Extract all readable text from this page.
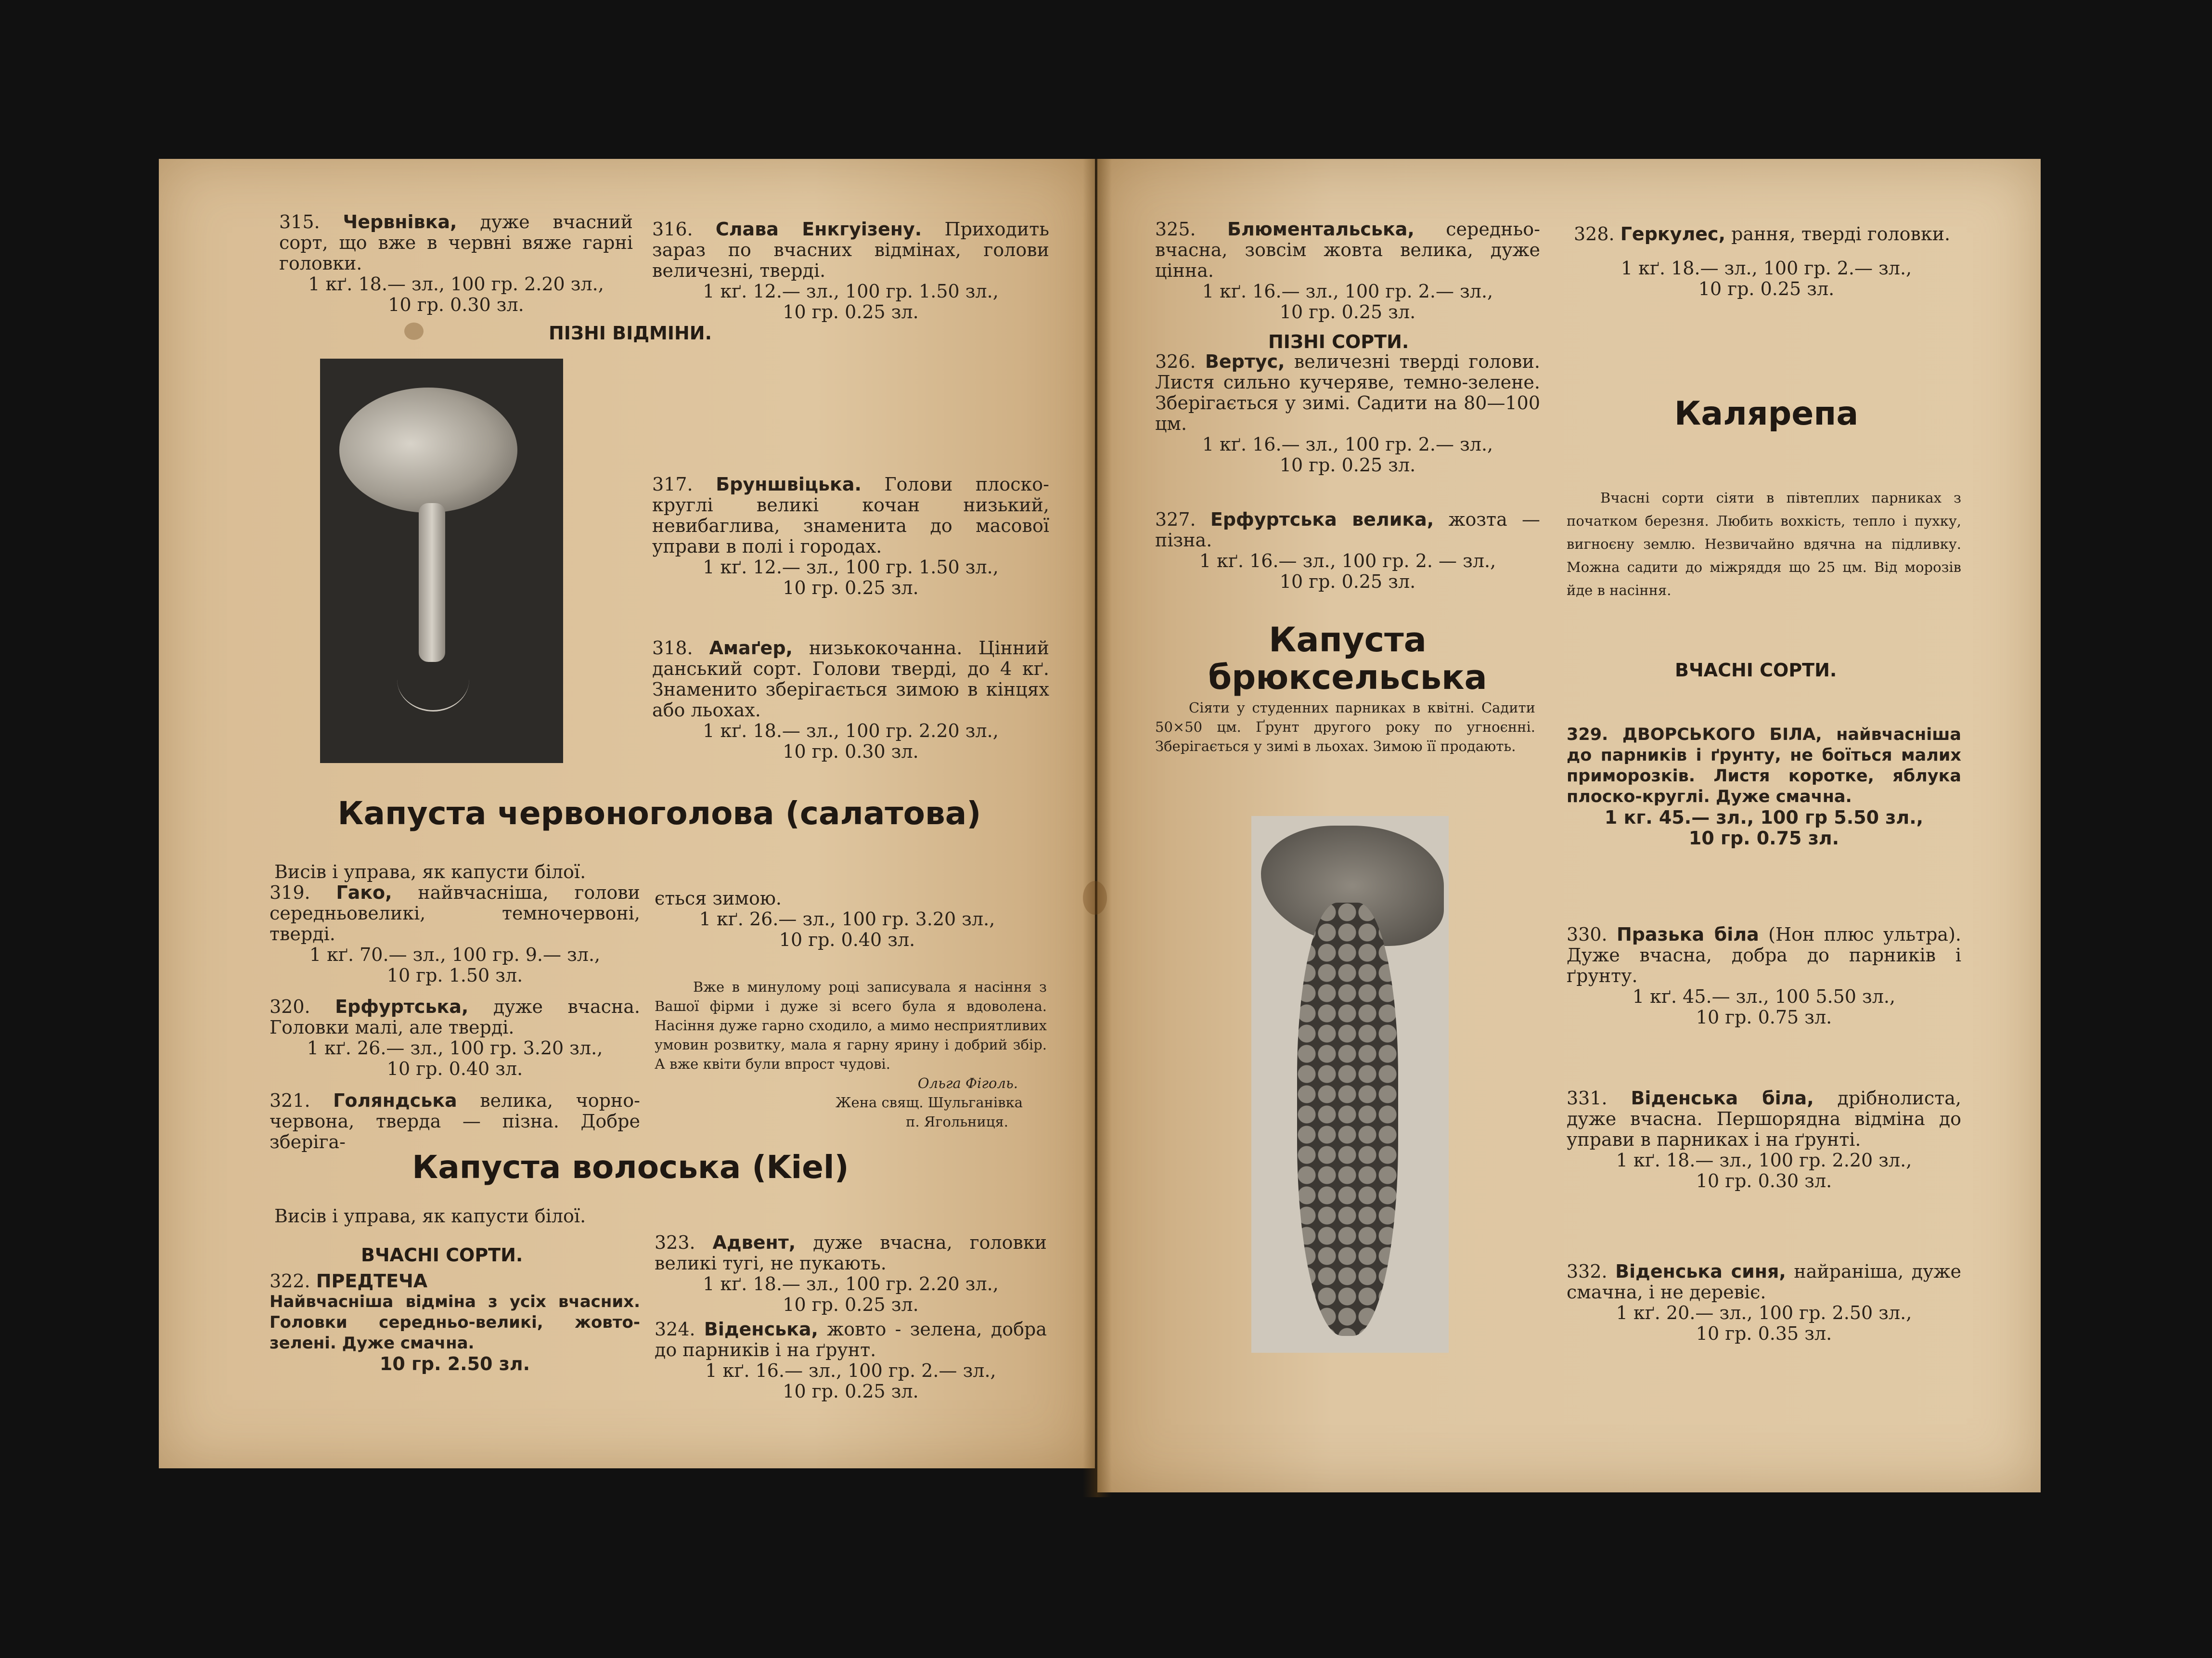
315. Червнівка, дуже вчасний сорт, що вже в червні вяже гарні головки.

1 кґ. 18.— зл., 100 гр. 2.20 зл.,

10 гр. 0.30 зл.

316. Слава Енкгуізену. Приходить зараз по вчасних відмінах, голови величезні, тверді.

1 кґ. 12.— зл., 100 гр. 1.50 зл.,

10 гр. 0.25 зл.

ПІЗНІ ВІДМІНИ.

317. Бруншвіцька. Голови плоско-круглі великі кочан низький, невибаглива, знаменита до масової управи в полі і городах.

1 кґ. 12.— зл., 100 гр. 1.50 зл.,

10 гр. 0.25 зл.

318. Амаґер, низькокочанна. Цінний данський сорт. Голови тверді, до 4 кґ. Знаменито зберігається зимою в кінцях або льохах.

1 кґ. 18.— зл., 100 гр. 2.20 зл.,

10 гр. 0.30 зл.

Капуста червоноголова (салатова)

Висів і управа, як капусти білої.

319. Гако, найвчасніша, голови середньовеликі, темночервоні, тверді.

1 кґ. 70.— зл., 100 гр. 9.— зл.,

10 гр. 1.50 зл.

320. Ерфуртська, дуже вчасна. Головки малі, але тверді.

1 кґ. 26.— зл., 100 гр. 3.20 зл.,

10 гр. 0.40 зл.

321. Голяндська велика, чорно-червона, тверда — пізна. Добре зберіга-

ється зимою.

1 кґ. 26.— зл., 100 гр. 3.20 зл.,

10 гр. 0.40 зл.

Вже в минулому році записувала я насіння з Вашої фірми і дуже зі всего була я вдоволена. Насіння дуже гарно сходило, а мимо несприятливих умовин розвитку, мала я гарну ярину і добрий збір. А вже квіти були впрост чудові.

Ольга Фіголь.

Жена свящ. Шульганівка

п. Ягольниця.

Капуста волоська (Kiel)

Висів і управа, як капусти білої.

ВЧАСНІ СОРТИ.

322. ПРЕДТЕЧА

Найвчасніша відміна з усіх вчасних. Головки середньо-великі, жовто-зелені. Дуже смачна.

10 гр. 2.50 зл.

323. Адвент, дуже вчасна, головки великі тугі, не пукають.

1 кґ. 18.— зл., 100 гр. 2.20 зл.,

10 гр. 0.25 зл.

324. Віденська, жовто - зелена, добра до парників і на ґрунт.

1 кґ. 16.— зл., 100 гр. 2.— зл.,

10 гр. 0.25 зл.

325. Блюментальська, середньо-вчасна, зовсім жовта велика, дуже цінна.

1 кґ. 16.— зл., 100 гр. 2.— зл.,

10 гр. 0.25 зл.

ПІЗНІ СОРТИ.

326. Вертус, величезні тверді голови. Листя сильно кучеряве, темно-зелене. Зберігається у зимі. Садити на 80—100 цм.

1 кґ. 16.— зл., 100 гр. 2.— зл.,

10 гр. 0.25 зл.

327. Ерфуртська велика, жозта — пізна.

1 кґ. 16.— зл., 100 гр. 2. — зл.,

10 гр. 0.25 зл.

Капуста
брюксельська

Сіяти у студенних парниках в квітні. Садити 50×50 цм. Ґрунт другого року по угноєнні. Зберігається у зимі в льохах. Зимою її продають.

328. Геркулес, рання, тверді головки.

1 кґ. 18.— зл., 100 гр. 2.— зл.,

10 гр. 0.25 зл.

Калярепа

Вчасні сорти сіяти в півтеплих парниках з початком березня. Любить вохкість, тепло і пухку, вигноєну землю. Незвичайно вдячна на підливку. Можна садити до міжряддя що 25 цм. Від морозів йде в насіння.

ВЧАСНІ СОРТИ.

329. ДВОРСЬКОГО БІЛА, найвчасніша до парників і ґрунту, не боїться малих приморозків. Листя коротке, яблука плоско-круглі. Дуже смачна.

1 кг. 45.— зл., 100 гр 5.50 зл.,

10 гр. 0.75 зл.

330. Празька біла (Нон плюс ультра). Дуже вчасна, добра до парників і ґрунту.

1 кґ. 45.— зл., 100 5.50 зл.,

10 гр. 0.75 зл.

331. Віденська біла, дрібнолиста, дуже вчасна. Першорядна відміна до управи в парниках і на ґрунті.

1 кґ. 18.— зл., 100 гр. 2.20 зл.,

10 гр. 0.30 зл.

332. Віденська синя, найраніша, дуже смачна, і не деревіє.

1 кґ. 20.— зл., 100 гр. 2.50 зл.,

10 гр. 0.35 зл.
